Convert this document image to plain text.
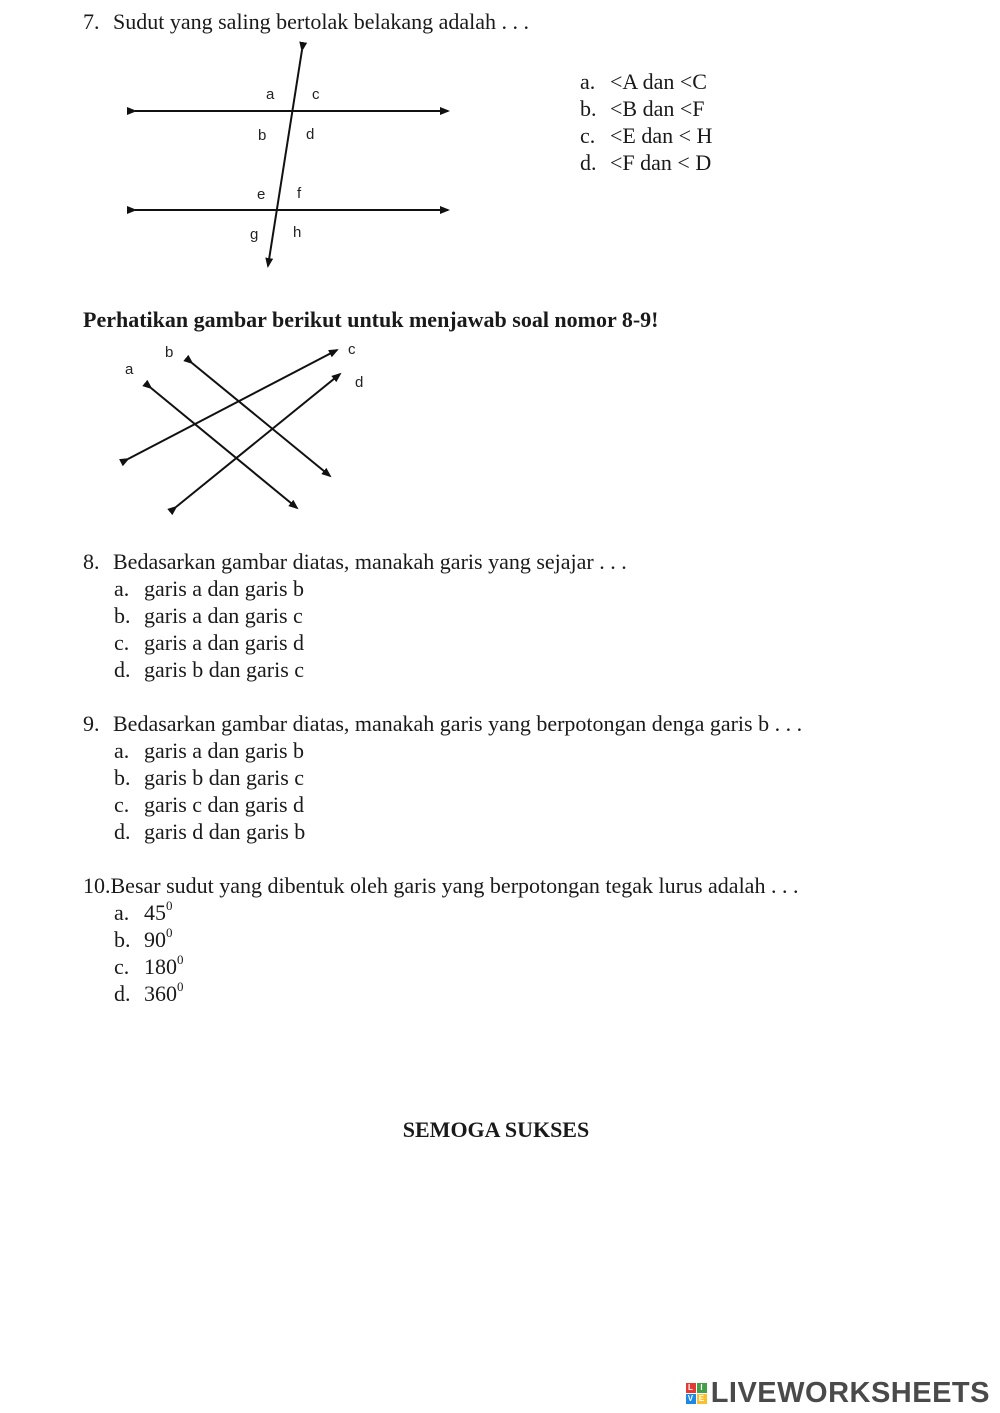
7. Sudut yang saling bertolak belakang adalah . . .
a	c
b	d
e f
g h
a. <A dan <C
b. <B dan <F
c. <E dan < H
d. <F dan < D
Perhatikan gambar berikut untuk menjawab soal nomor 8-9!
b
a
c
d
8. Bedasarkan gambar diatas, manakah garis yang sejajar . . .
a. garis a dan garis b
b. garis a dan garis c
c. garis a dan garis d
d. garis b dan garis c
9. Bedasarkan gambar diatas, manakah garis yang berpotongan denga garis b . . .
a. garis a dan garis b
b. garis b dan garis c
c. garis c dan garis d
d. garis d dan garis b
10.Besar sudut yang dibentuk oleh garis yang berpotongan tegak lurus adalah . . .
a. $45^0$
b. $90^0$
c. $180^0$
d. $360^0$
SEMOGA SUKSES
L I
V E LIVEWORKSHEETS
